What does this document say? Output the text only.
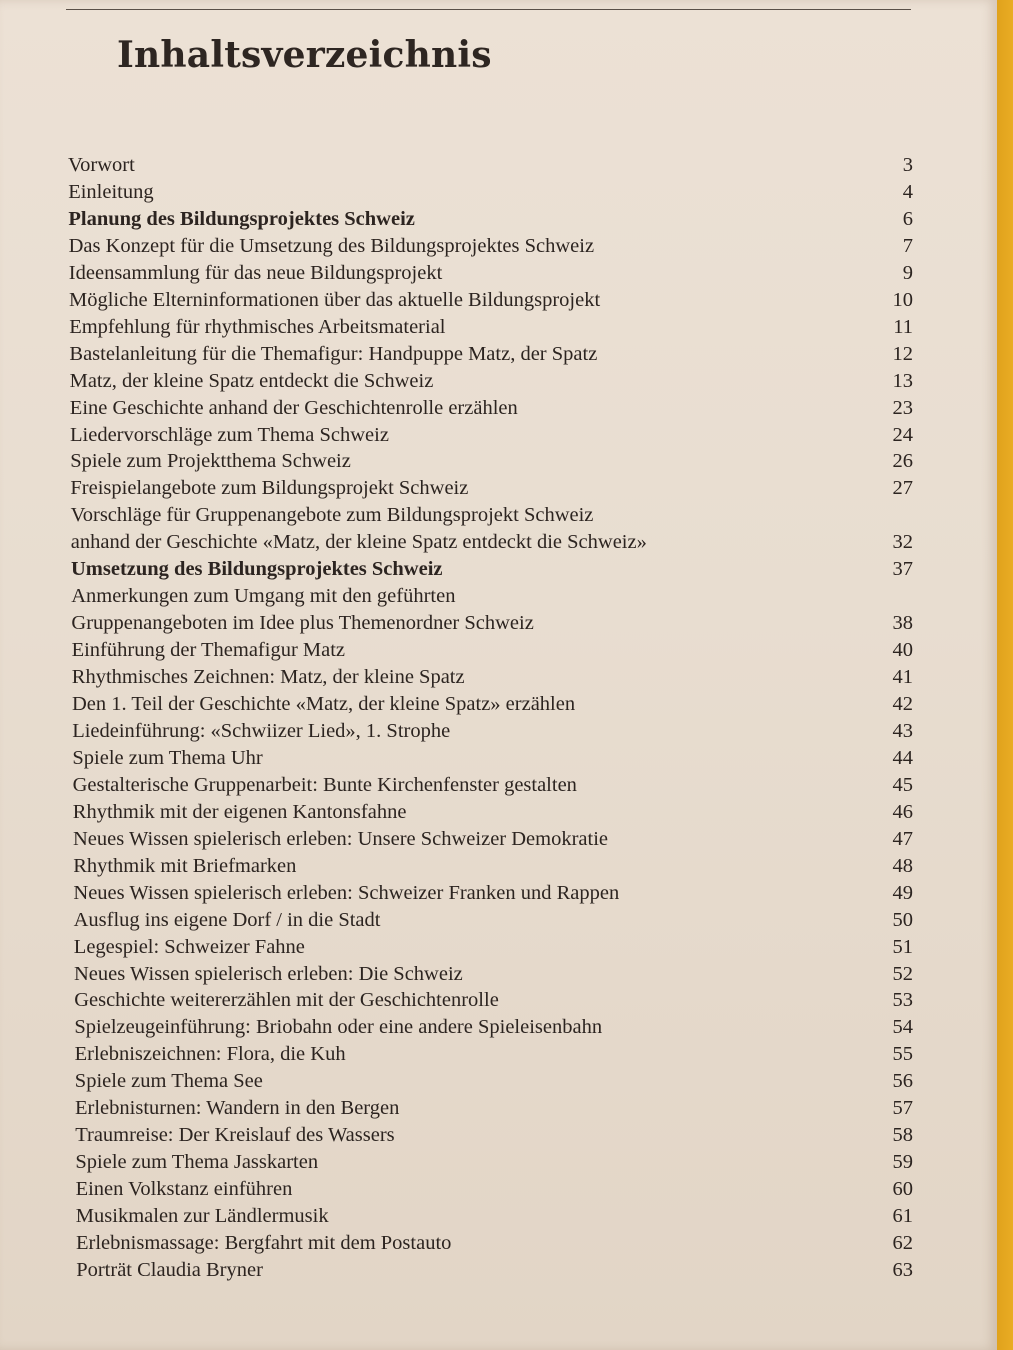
Inhaltsverzeichnis
Vorwort	3
Einleitung	4
Planung des Bildungsprojektes Schweiz	6
Das Konzept für die Umsetzung des Bildungsprojektes Schweiz	7
Ideensammlung für das neue Bildungsprojekt	9
Mögliche Elterninformationen über das aktuelle Bildungsprojekt	10
Empfehlung für rhythmisches Arbeitsmaterial	11
Bastelanleitung für die Themafigur: Handpuppe Matz, der Spatz	12
Matz, der kleine Spatz entdeckt die Schweiz	13
Eine Geschichte anhand der Geschichtenrolle erzählen	23
Liedervorschläge zum Thema Schweiz	24
Spiele zum Projektthema Schweiz	26
Freispielangebote zum Bildungsprojekt Schweiz	27
Vorschläge für Gruppenangebote zum Bildungsprojekt Schweiz
anhand der Geschichte «Matz, der kleine Spatz entdeckt die Schweiz»	32
Umsetzung des Bildungsprojektes Schweiz	37
Anmerkungen zum Umgang mit den geführten
Gruppenangeboten im Idee plus Themenordner Schweiz	38
Einführung der Themafigur Matz	40
Rhythmisches Zeichnen: Matz, der kleine Spatz	41
Den 1. Teil der Geschichte «Matz, der kleine Spatz» erzählen	42
Liedeinführung: «Schwiizer Lied», 1. Strophe	43
Spiele zum Thema Uhr	44
Gestalterische Gruppenarbeit: Bunte Kirchenfenster gestalten	45
Rhythmik mit der eigenen Kantonsfahne	46
Neues Wissen spielerisch erleben: Unsere Schweizer Demokratie	47
Rhythmik mit Briefmarken	48
Neues Wissen spielerisch erleben: Schweizer Franken und Rappen	49
Ausflug ins eigene Dorf / in die Stadt	50
Legespiel: Schweizer Fahne	51
Neues Wissen spielerisch erleben: Die Schweiz	52
Geschichte weitererzählen mit der Geschichtenrolle	53
Spielzeugeinführung: Briobahn oder eine andere Spieleisenbahn	54
Erlebniszeichnen: Flora, die Kuh	55
Spiele zum Thema See	56
Erlebnisturnen: Wandern in den Bergen	57
Traumreise: Der Kreislauf des Wassers	58
Spiele zum Thema Jasskarten	59
Einen Volkstanz einführen	60
Musikmalen zur Ländlermusik	61
Erlebnismassage: Bergfahrt mit dem Postauto	62
Porträt Claudia Bryner	63
